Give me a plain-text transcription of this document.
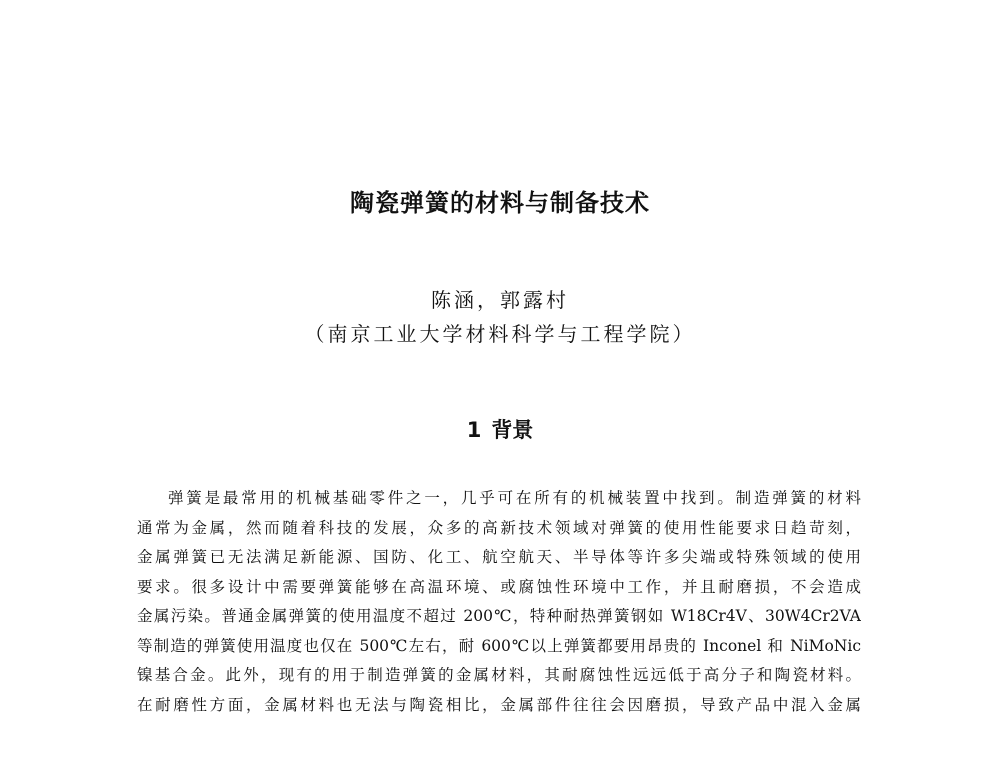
陶瓷弹簧的材料与制备技术
陈涵，郭露村
（南京工业大学材料科学与工程学院）
1 背景
弹簧是最常用的机械基础零件之一，几乎可在所有的机械装置中找到。制造弹簧的材料
通常为金属，然而随着科技的发展，众多的高新技术领域对弹簧的使用性能要求日趋苛刻，
金属弹簧已无法满足新能源、国防、化工、航空航天、半导体等许多尖端或特殊领域的使用
要求。很多设计中需要弹簧能够在高温环境、或腐蚀性环境中工作，并且耐磨损，不会造成
金属污染。普通金属弹簧的使用温度不超过 200℃，特种耐热弹簧钢如 W18Cr4V、30W4Cr2VA
等制造的弹簧使用温度也仅在 500℃左右，耐 600℃以上弹簧都要用昂贵的 Inconel 和 NiMoNic
镍基合金。此外，现有的用于制造弹簧的金属材料，其耐腐蚀性远远低于高分子和陶瓷材料。
在耐磨性方面，金属材料也无法与陶瓷相比，金属部件往往会因磨损，导致产品中混入金属
